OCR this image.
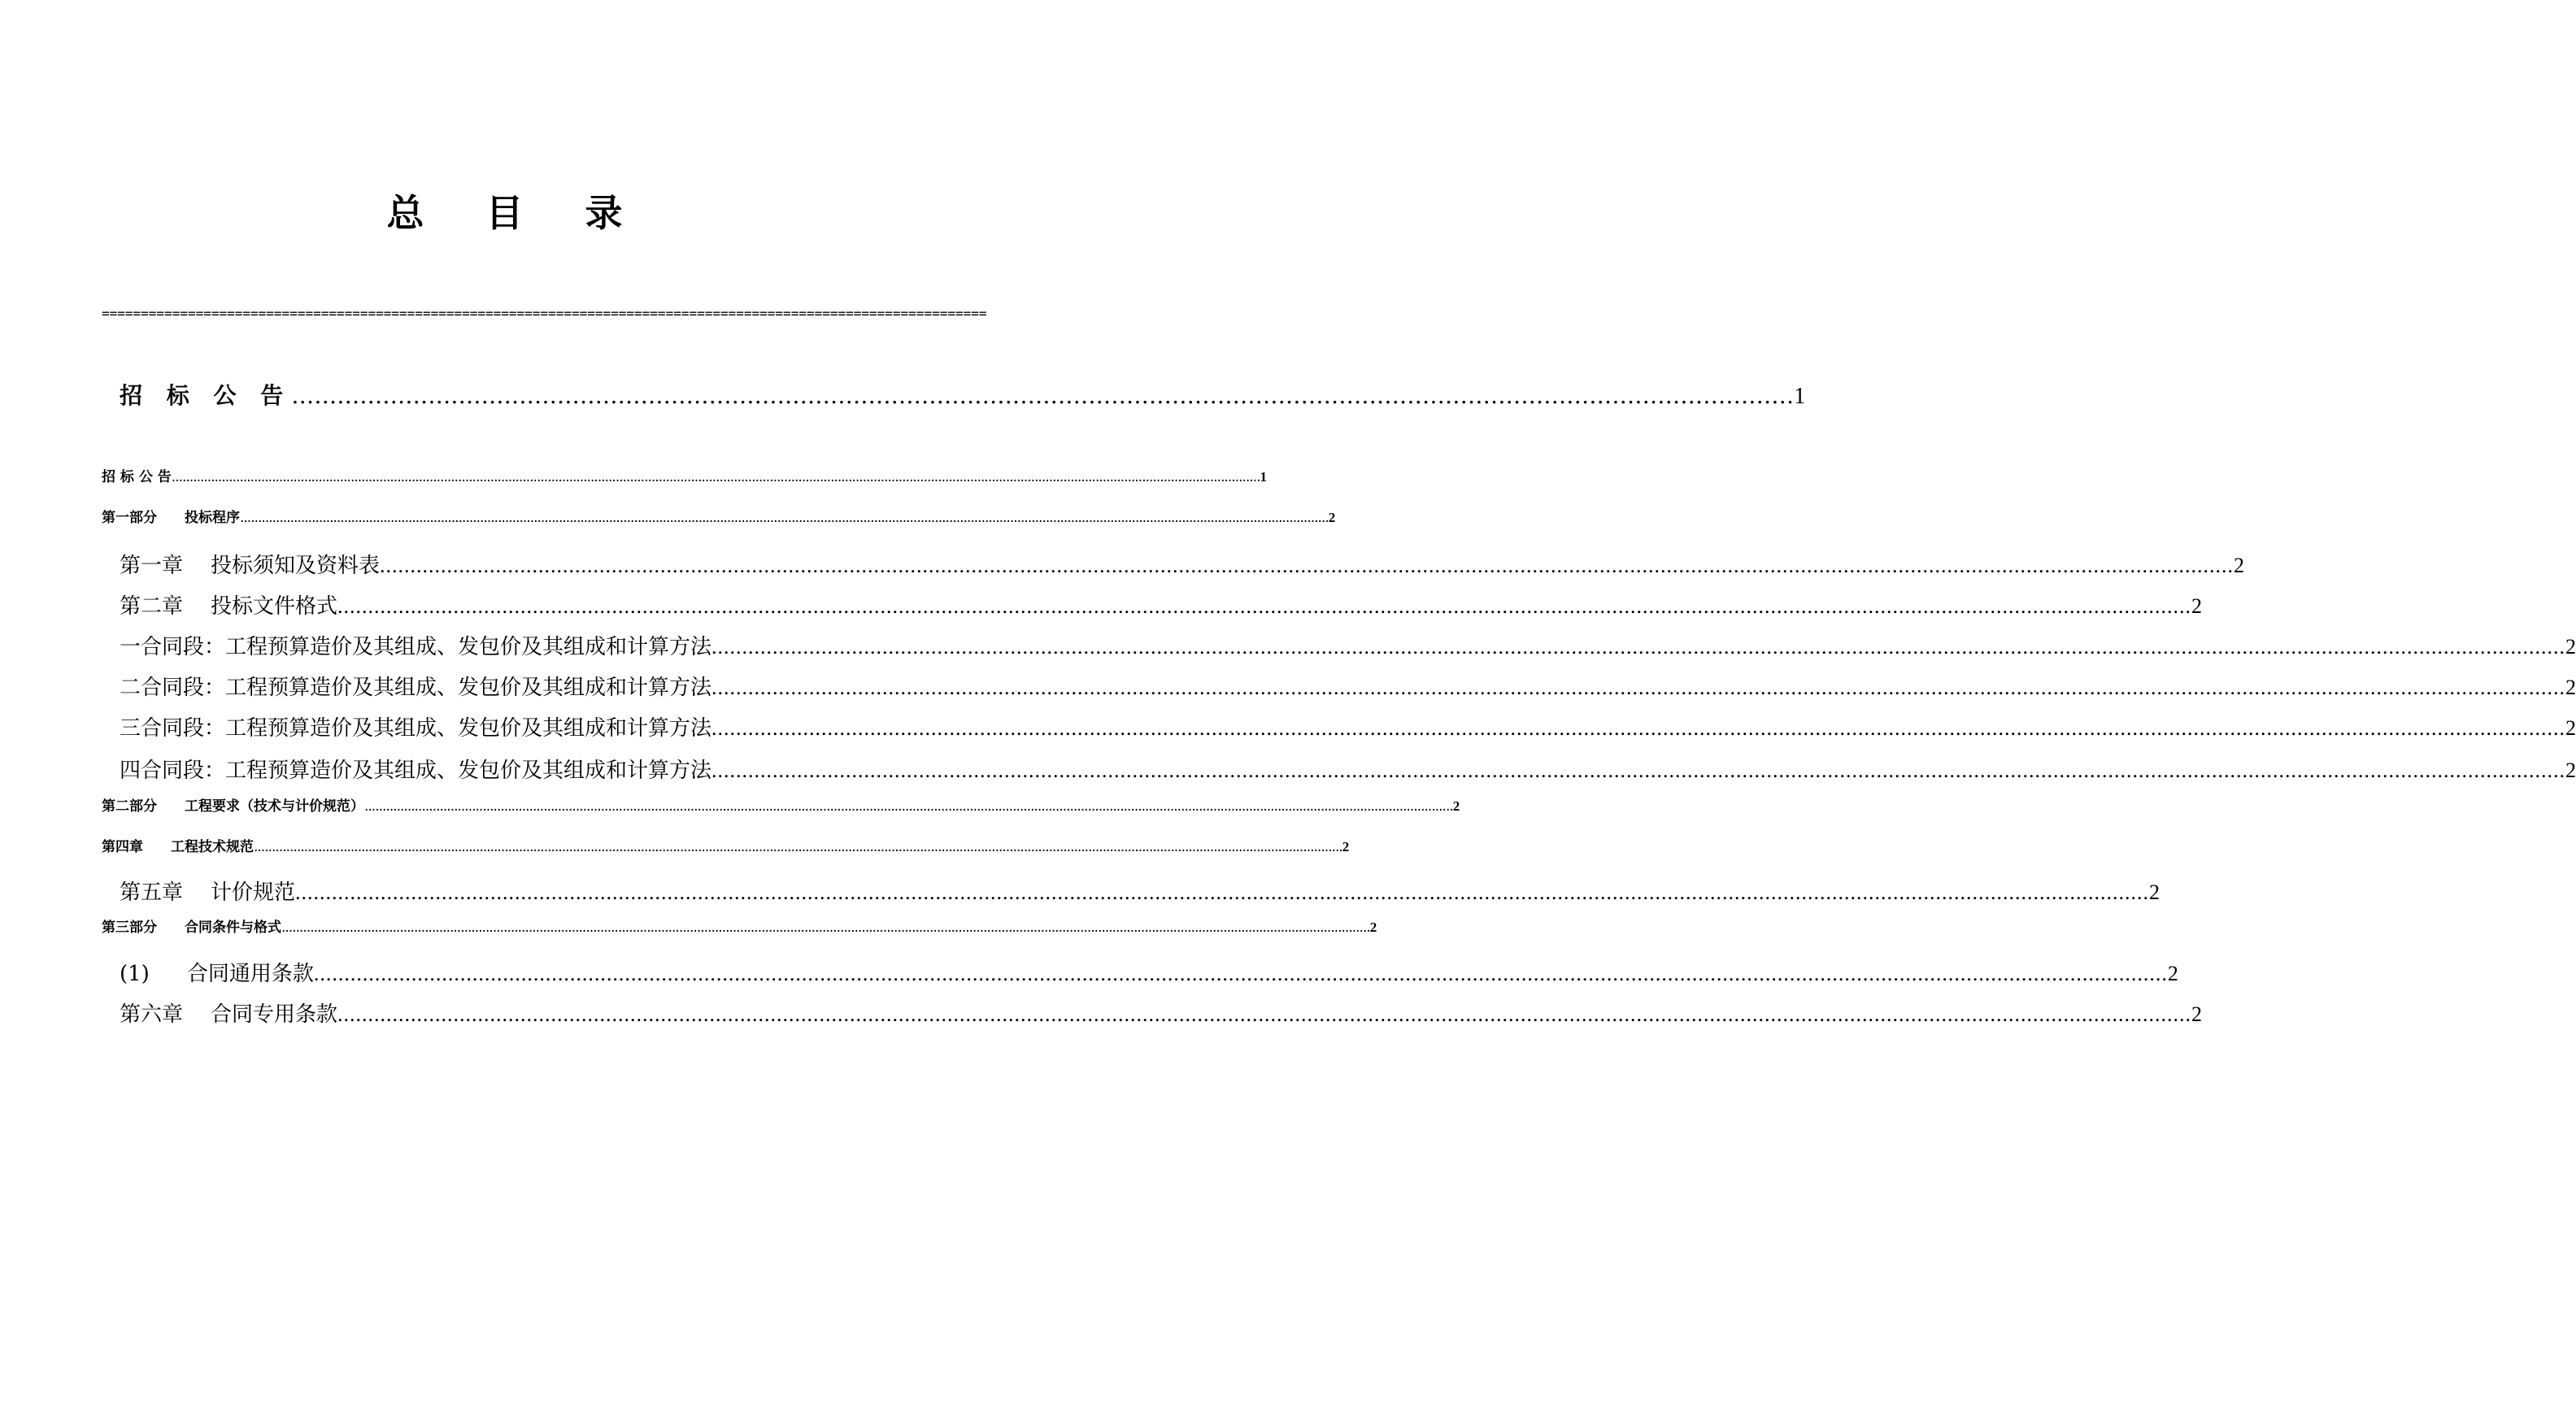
总 目 录
=================================================================================================================
招 标 公 告 ………………………………………………………………………………………………………………………………………………………………………………	1
招 标 公 告 .....	1
第一部分 投标程序 .....	2
第一章 投标须知及资料表 .....	2
第二章 投标文件格式 .....	2
一合同段：工程预算造价及其组成、发包价及其组成和计算方法 .....	2
二合同段：工程预算造价及其组成、发包价及其组成和计算方法 .....	2
三合同段：工程预算造价及其组成、发包价及其组成和计算方法 .....	2
四合同段：工程预算造价及其组成、发包价及其组成和计算方法 .....	2
第二部分 工程要求（技术与计价规范） .....	2
第四章 工程技术规范 .....	2
第五章 计价规范 .....	2
第三部分 合同条件与格式 .....	2
(1) 合同通用条款 .....	2
第六章 合同专用条款 .....	2
